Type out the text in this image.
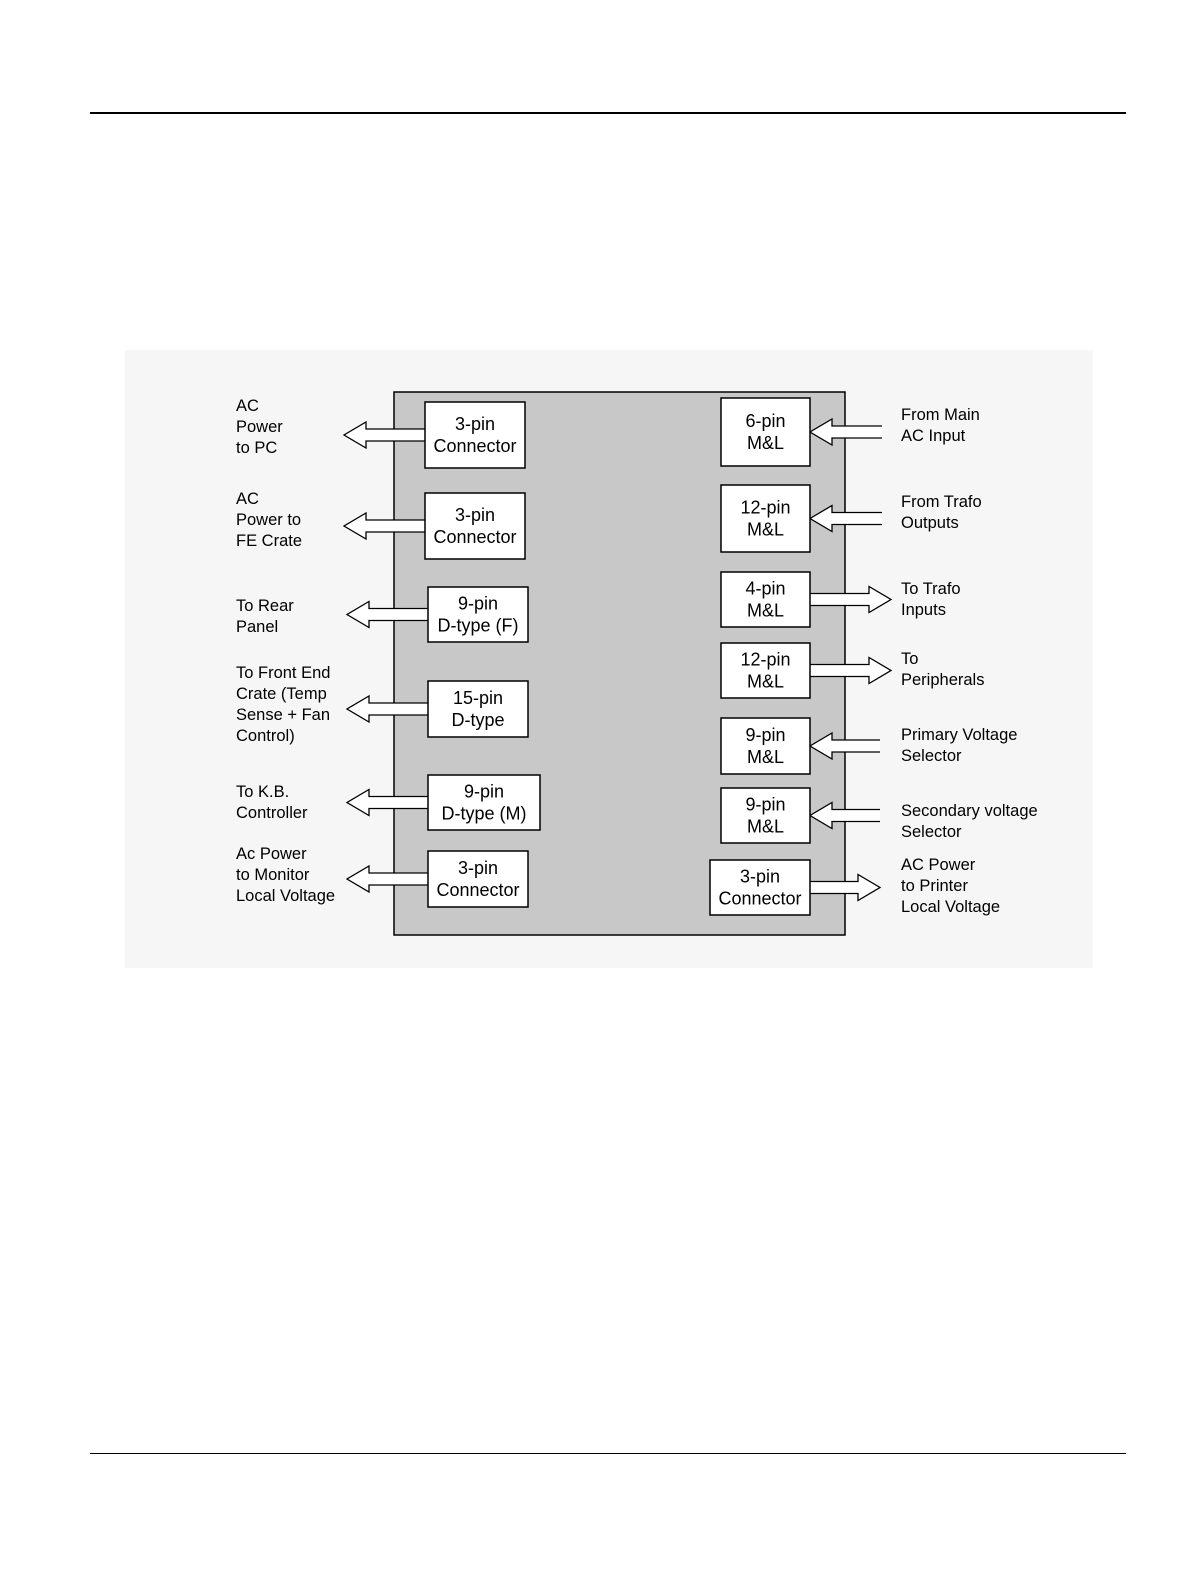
3-pin
Connector
AC
Power
to PC
3-pin
Connector
AC
Power to
FE Crate
9-pin
D-type (F)
To Rear
Panel
15-pin
D-type
To Front End
Crate (Temp
Sense + Fan
Control)
9-pin
D-type (M)
To K.B.
Controller
3-pin
Connector
Ac Power
to Monitor
Local Voltage
6-pin
M&L
From Main
AC Input
12-pin
M&L
From Trafo
Outputs
4-pin
M&L
To Trafo
Inputs
12-pin
M&L
To
Peripherals
9-pin
M&L
Primary Voltage
Selector
9-pin
M&L
Secondary voltage
Selector
3-pin
Connector
AC Power
to Printer
Local Voltage
